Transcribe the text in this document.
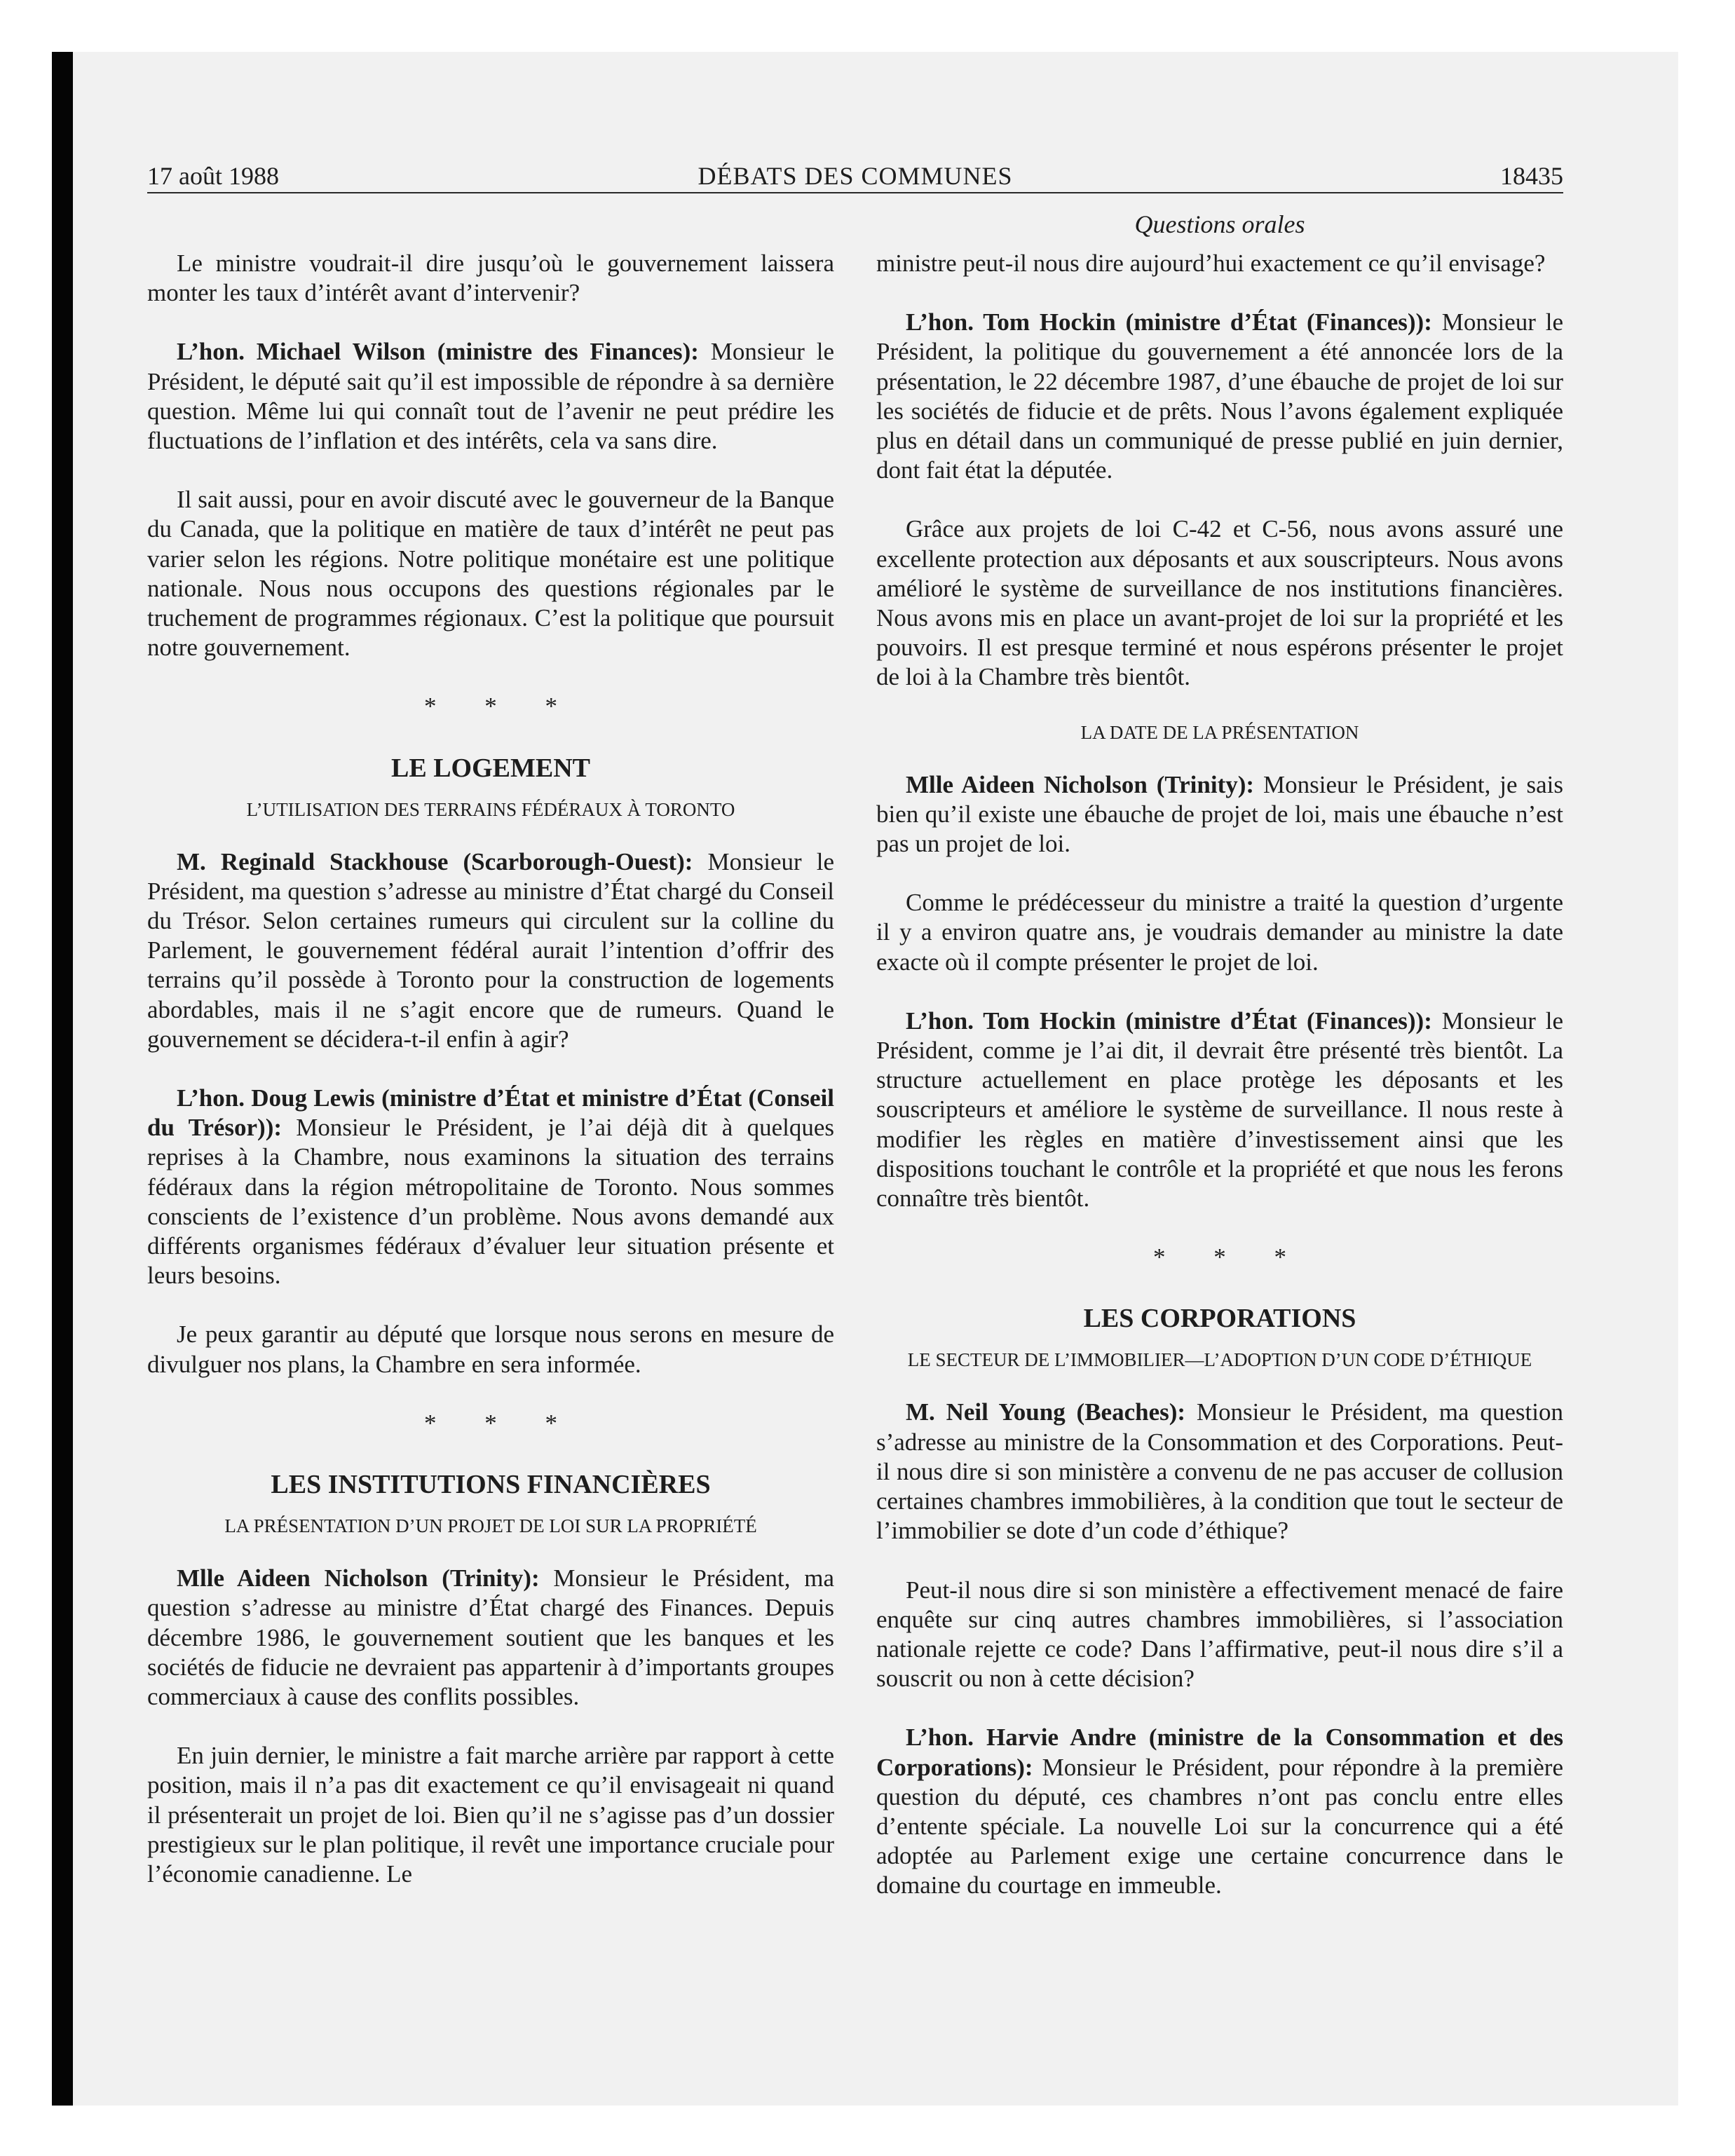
17 août 1988	DÉBATS DES COMMUNES	18435
Questions orales

Le ministre voudrait-il dire jusqu’où le gouvernement laissera monter les taux d’intérêt avant d’intervenir?

L’hon. Michael Wilson (ministre des Finances): Monsieur le Président, le député sait qu’il est impossible de répondre à sa dernière question. Même lui qui connaît tout de l’avenir ne peut prédire les fluctuations de l’inflation et des intérêts, cela va sans dire.

Il sait aussi, pour en avoir discuté avec le gouverneur de la Banque du Canada, que la politique en matière de taux d’intérêt ne peut pas varier selon les régions. Notre politique monétaire est une politique nationale. Nous nous occupons des questions régionales par le truchement de programmes régionaux. C’est la politique que poursuit notre gouvernement.

* * *
LE LOGEMENT
L’UTILISATION DES TERRAINS FÉDÉRAUX À TORONTO

M. Reginald Stackhouse (Scarborough-Ouest): Monsieur le Président, ma question s’adresse au ministre d’État chargé du Conseil du Trésor. Selon certaines rumeurs qui circulent sur la colline du Parlement, le gouvernement fédéral aurait l’intention d’offrir des terrains qu’il possède à Toronto pour la construction de logements abordables, mais il ne s’agit encore que de rumeurs. Quand le gouvernement se décidera-t-il enfin à agir?

L’hon. Doug Lewis (ministre d’État et ministre d’État (Conseil du Trésor)): Monsieur le Président, je l’ai déjà dit à quelques reprises à la Chambre, nous examinons la situation des terrains fédéraux dans la région métropolitaine de Toronto. Nous sommes conscients de l’existence d’un problème. Nous avons demandé aux différents organismes fédéraux d’évaluer leur situation présente et leurs besoins.

Je peux garantir au député que lorsque nous serons en mesure de divulguer nos plans, la Chambre en sera informée.

* * *
LES INSTITUTIONS FINANCIÈRES
LA PRÉSENTATION D’UN PROJET DE LOI SUR LA PROPRIÉTÉ

Mlle Aideen Nicholson (Trinity): Monsieur le Président, ma question s’adresse au ministre d’État chargé des Finances. Depuis décembre 1986, le gouvernement soutient que les banques et les sociétés de fiducie ne devraient pas appartenir à d’importants groupes commerciaux à cause des conflits possibles.

En juin dernier, le ministre a fait marche arrière par rapport à cette position, mais il n’a pas dit exactement ce qu’il envisageait ni quand il présenterait un projet de loi. Bien qu’il ne s’agisse pas d’un dossier prestigieux sur le plan politique, il revêt une importance cruciale pour l’économie canadienne. Le

ministre peut-il nous dire aujourd’hui exactement ce qu’il envisage?

L’hon. Tom Hockin (ministre d’État (Finances)): Monsieur le Président, la politique du gouvernement a été annoncée lors de la présentation, le 22 décembre 1987, d’une ébauche de projet de loi sur les sociétés de fiducie et de prêts. Nous l’avons également expliquée plus en détail dans un communiqué de presse publié en juin dernier, dont fait état la députée.

Grâce aux projets de loi C-42 et C-56, nous avons assuré une excellente protection aux déposants et aux souscripteurs. Nous avons amélioré le système de surveillance de nos institutions financières. Nous avons mis en place un avant-projet de loi sur la propriété et les pouvoirs. Il est presque terminé et nous espérons présenter le projet de loi à la Chambre très bientôt.

LA DATE DE LA PRÉSENTATION

Mlle Aideen Nicholson (Trinity): Monsieur le Président, je sais bien qu’il existe une ébauche de projet de loi, mais une ébauche n’est pas un projet de loi.

Comme le prédécesseur du ministre a traité la question d’urgente il y a environ quatre ans, je voudrais demander au ministre la date exacte où il compte présenter le projet de loi.

L’hon. Tom Hockin (ministre d’État (Finances)): Monsieur le Président, comme je l’ai dit, il devrait être présenté très bientôt. La structure actuellement en place protège les déposants et les souscripteurs et améliore le système de surveillance. Il nous reste à modifier les règles en matière d’investissement ainsi que les dispositions touchant le contrôle et la propriété et que nous les ferons connaître très bientôt.

* * *
LES CORPORATIONS
LE SECTEUR DE L’IMMOBILIER—L’ADOPTION D’UN CODE D’ÉTHIQUE

M. Neil Young (Beaches): Monsieur le Président, ma question s’adresse au ministre de la Consommation et des Corporations. Peut-il nous dire si son ministère a convenu de ne pas accuser de collusion certaines chambres immobilières, à la condition que tout le secteur de l’immobilier se dote d’un code d’éthique?

Peut-il nous dire si son ministère a effectivement menacé de faire enquête sur cinq autres chambres immobilières, si l’association nationale rejette ce code? Dans l’affirmative, peut-il nous dire s’il a souscrit ou non à cette décision?

L’hon. Harvie Andre (ministre de la Consommation et des Corporations): Monsieur le Président, pour répondre à la première question du député, ces chambres n’ont pas conclu entre elles d’entente spéciale. La nouvelle Loi sur la concurrence qui a été adoptée au Parlement exige une certaine concurrence dans le domaine du courtage en immeuble.
